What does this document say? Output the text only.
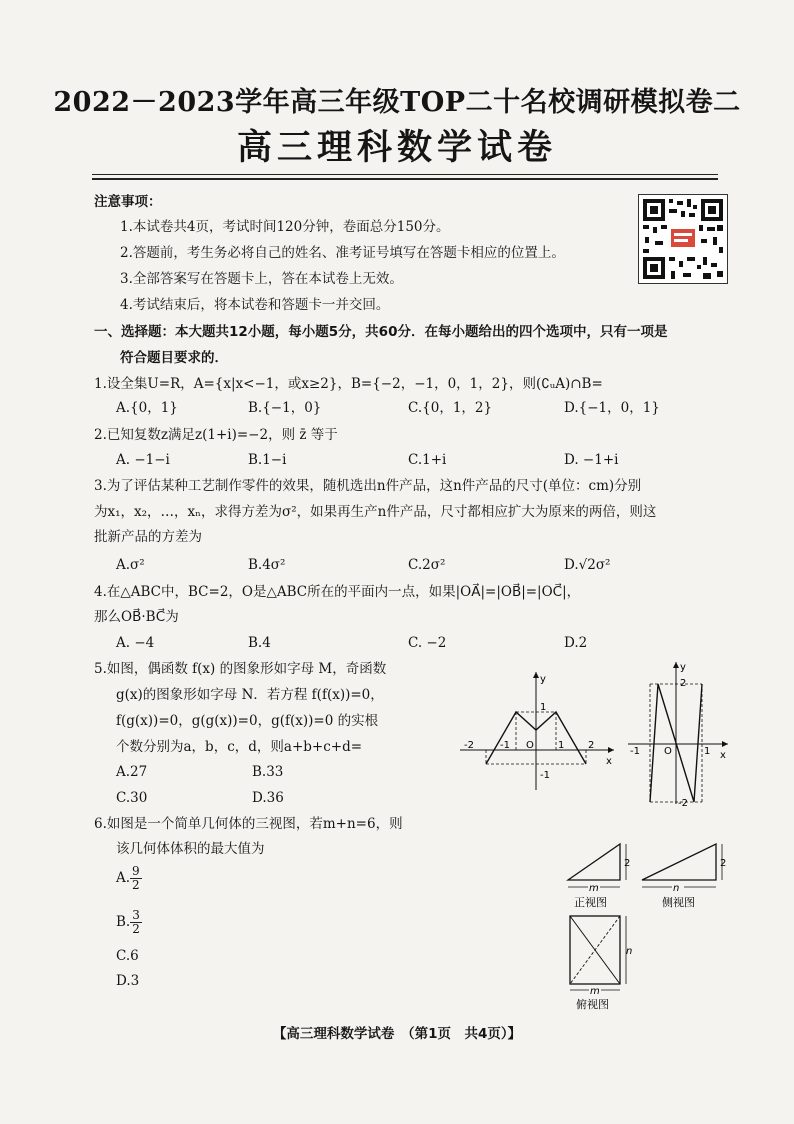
2022－2023学年高三年级TOP二十名校调研模拟卷二
高三理科数学试卷
注意事项：
1.本试卷共4页，考试时间120分钟，卷面总分150分。
2.答题前，考生务必将自己的姓名、准考证号填写在答题卡相应的位置上。
3.全部答案写在答题卡上，答在本试卷上无效。
4.考试结束后，将本试卷和答题卡一并交回。
一、选择题：本大题共12小题，每小题5分，共60分．在每小题给出的四个选项中，只有一项是
符合题目要求的．
1.设全集U=R，A={x|x<−1，或x≥2}，B={−2，−1，0，1，2}，则(∁ᵤA)∩B=
A.{0，1}	B.{−1，0}	C.{0，1，2}	D.{−1，0，1}
2.已知复数z满足z(1+i)=−2，则 z̄ 等于
A. −1−i	B.1−i	C.1+i	D. −1+i
3.为了评估某种工艺制作零件的效果，随机选出n件产品，这n件产品的尺寸(单位：cm)分别
为x₁，x₂，…，xₙ，求得方差为σ²，如果再生产n件产品，尺寸都相应扩大为原来的两倍，则这
批新产品的方差为
A.σ²	B.4σ²	C.2σ²	D.√2σ²
4.在△ABC中，BC=2，O是△ABC所在的平面内一点，如果|OA⃗|=|OB⃗|=|OC⃗|，
那么OB⃗·BC⃗为
A. −4	B.4	C. −2	D.2
5.如图，偶函数 f(x) 的图象形如字母 M，奇函数
g(x)的图象形如字母 N．若方程 f(f(x))=0，
f(g(x))=0，g(g(x))=0，g(f(x))=0 的实根
个数分别为a，b，c，d，则a+b+c+d=
A.27	B.33
C.30	D.36
y
x
-2	-1 O 1 2
1
-1
y
x
-1 O	1
2
-2
6.如图是一个简单几何体的三视图，若m+n=6，则
该几何体体积的最大值为
A. $\frac{9}{2}$
B. $\frac{3}{2}$
C.6
D.3
2
m
正视图
2
n
侧视图
n
m
俯视图
【高三理科数学试卷　（第1页　共4页）】
